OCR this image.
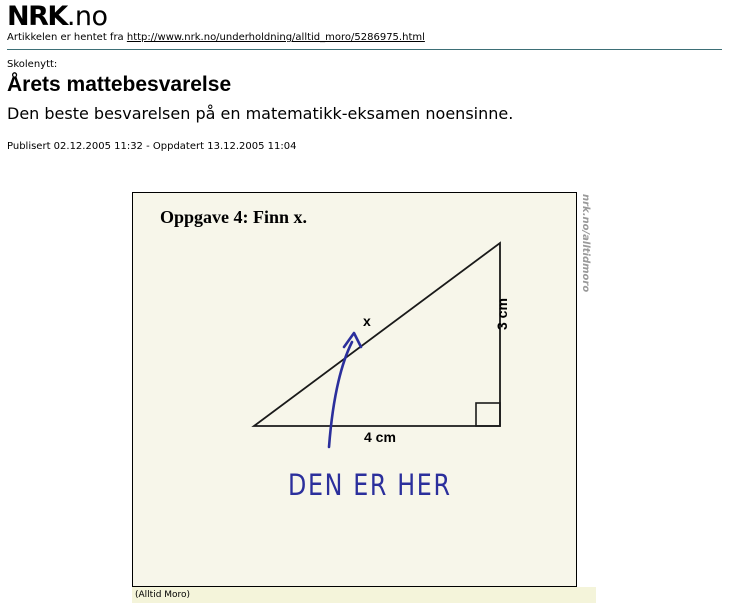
NRK.no
Artikkelen er hentet fra http://www.nrk.no/underholdning/alltid_moro/5286975.html
Skolenytt:
Årets mattebesvarelse
Den beste besvarelsen på en matematikk-eksamen noensinne.
Publisert 02.12.2005 11:32 - Oppdatert 13.12.2005 11:04
Oppgave 4: Finn x.
x
4 cm
3 cm
DEN ER HER
nrk.no/alltidmoro
(Alltid Moro)
